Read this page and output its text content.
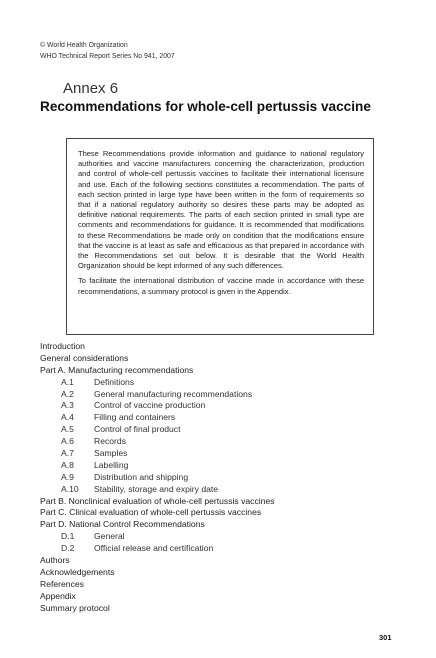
© World Health Organization
WHO Technical Report Series No 941, 2007
Annex 6
Recommendations for whole-cell pertussis vaccine

These Recommendations provide information and guidance to national regulatory authorities and vaccine manufacturers concerning the characterization, production and control of whole-cell pertussis vaccines to facilitate their international licensure and use. Each of the following sections constitutes a recommendation. The parts of each section printed in large type have been written in the form of requirements so that if a national regulatory authority so desires these parts may be adopted as definitive national requirements. The parts of each section printed in small type are comments and recommendations for guidance. It is recommended that modifications to these Recommendations be made only on condition that the modifications ensure that the vaccine is at least as safe and efficacious as that prepared in accordance with the Recommendations set out below. It is desirable that the World Health Organization should be kept informed of any such differences.

To facilitate the international distribution of vaccine made in accordance with these recommendations, a summary protocol is given in the Appendix.

Introduction
General considerations
Part A. Manufacturing recommendations
A.1 Definitions
A.2 General manufacturing recommendations
A.3 Control of vaccine production
A.4 Filling and containers
A.5 Control of final product
A.6 Records
A.7 Samples
A.8 Labelling
A.9 Distribution and shipping
A.10 Stability, storage and expiry date
Part B. Nonclinical evaluation of whole-cell pertussis vaccines
Part C. Clinical evaluation of whole-cell pertussis vaccines
Part D. National Control Recommendations
D.1 General
D.2 Official release and certification
Authors
Acknowledgements
References
Appendix
Summary protocol
301
